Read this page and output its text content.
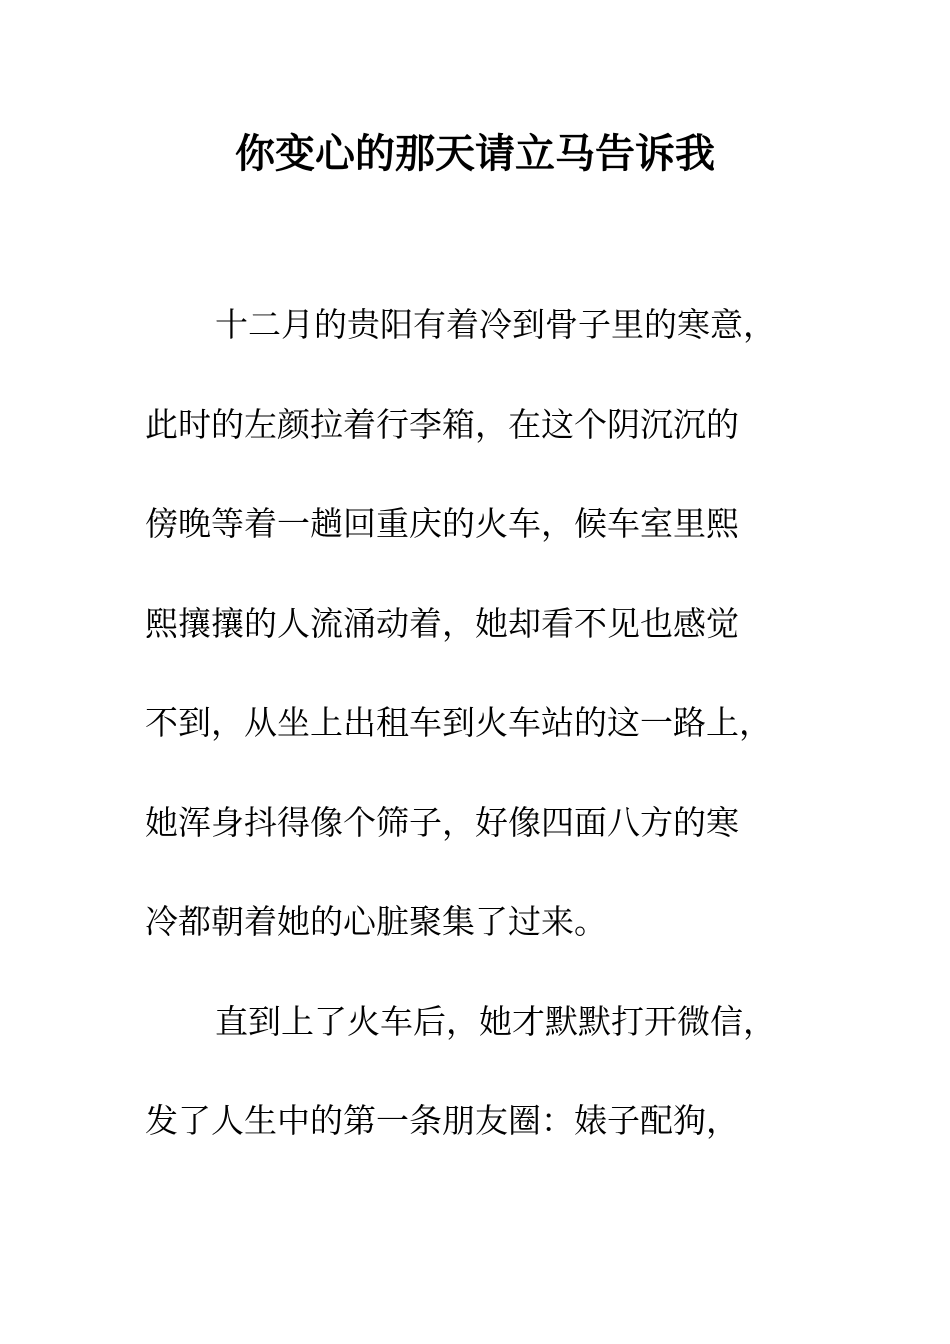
你变心的那天请立马告诉我
十二月的贵阳有着冷到骨子里的寒意，
此时的左颜拉着行李箱，在这个阴沉沉的
傍晚等着一趟回重庆的火车，候车室里熙
熙攘攘的人流涌动着，她却看不见也感觉
不到，从坐上出租车到火车站的这一路上，
她浑身抖得像个筛子，好像四面八方的寒
冷都朝着她的心脏聚集了过来。
直到上了火车后，她才默默打开微信，
发了人生中的第一条朋友圈：婊子配狗，
